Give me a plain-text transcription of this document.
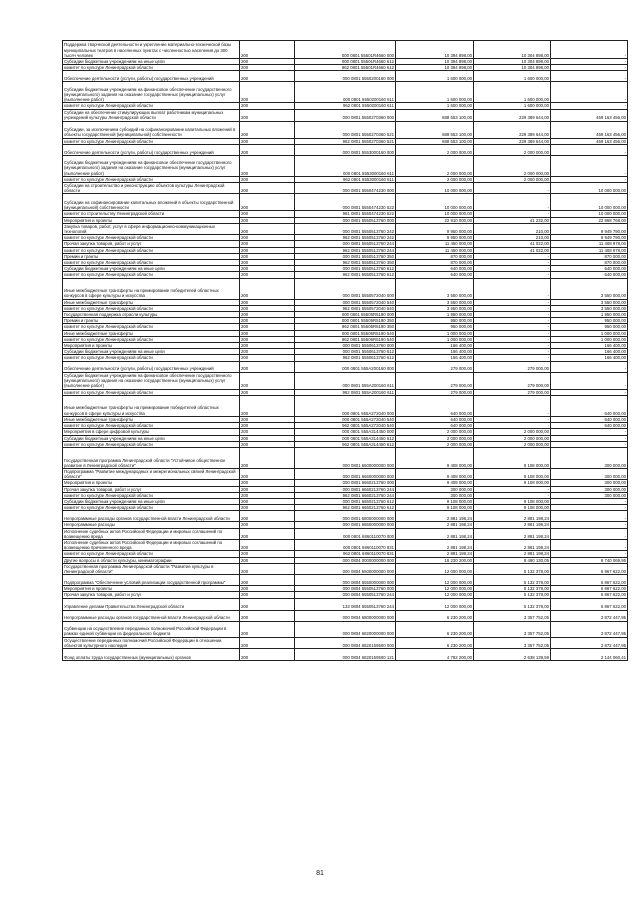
Поддержка творческой деятельности и укрепление материально-технической базы муниципальных театров в населенных пунктах с численностью населения до 300 тысяч человек	200	000 0801 55501R4660 000	10 394 898,00	10 304 898,00	-
Субсидии бюджетным учреждениям на иные цели	200	000 0801 55501R4660 612	10 394 898,00	10 304 898,00	-
комитет по культуре Ленинградской области	200	962 0801 55501R4660 612	10 394 898,00	10 304 898,00	-
Обеспечение деятельности (услуги, работы) государственных учреждений	200	000 0801 5550200160 000	1 600 000,00	1 600 000,00	-
Субсидии бюджетным учреждениям на финансовое обеспечение государственного (муниципального) задания на оказание государственных (муниципальных) услуг (выполнение работ)	200	000 0801 5550200160 611	1 600 000,00	1 600 000,00	-
комитет по культуре Ленинградской области	200	962 0801 5550200160 611	1 600 000,00	1 600 000,00	-
Субсидии на обеспечение стимулирующих выплат работникам муниципальных учреждений культуры Ленинградской области	200	000 0801 5550270360 000	688 553 100,00	229 389 644,00	459 163 456,00
Субсидии, за исключением субсидий на софинансирование капитальных вложений в объекты государственной (муниципальной) собственности	200	000 0801 5550270360 521	688 553 100,00	229 389 644,00	459 163 456,00
комитет по культуре Ленинградской области	200	962 0801 5550270360 521	688 553 100,00	229 389 644,00	459 163 456,00
Обеспечение деятельности (услуги, работы) государственных учреждений	200	000 0801 5553000160 000	2 000 000,00	2 000 000,00	-
Субсидии бюджетным учреждениям на финансовое обеспечение государственного (муниципального) задания на оказание государственных (муниципальных) услуг (выполнение работ)	200	000 0801 5553000160 611	2 000 000,00	2 000 000,00	-
комитет по культуре Ленинградской области	200	962 0801 5553000160 611	2 000 000,00	2 000 000,00	-
Субсидии на строительство и реконструкцию объектов культуры Ленинградской области	200	000 0801 5550474230 000	10 000 000,00	-	10 000 000,00
Субсидии на софинансирование капитальных вложений в объекты государственной (муниципальной) собственности	200	000 0801 5550474230 522	10 000 000,00	-	10 000 000,00
комитет по строительству Ленинградской области	200	981 0801 5550474230 522	10 000 000,00	-	10 000 000,00
Мероприятия и проекты	200	000 0801 5550513760 000	22 910 000,00	41 232,00	22 868 768,00
Закупка товаров, работ, услуг в сфере информационно-коммуникационных технологий	200	000 0801 5550513760 242	9 950 000,00	210,00	9 949 790,00
комитет по культуре Ленинградской области	200	962 0801 5550513760 242	9 950 000,00	210,00	9 949 790,00
Прочая закупка товаров, работ и услуг	200	000 0801 5550513760 244	11 450 000,00	41 022,00	11 408 978,00
комитет по культуре Ленинградской области	200	962 0801 5550513760 244	11 450 000,00	41 022,00	11 408 978,00
Премии и гранты	200	000 0801 5550513760 350	870 000,00	-	870 000,00
комитет по культуре Ленинградской области	200	962 0801 5550513760 350	870 000,00	-	870 000,00
Субсидии бюджетным учреждениям на иные цели	200	000 0801 5550513760 612	640 000,00	-	640 000,00
комитет по культуре Ленинградской области	200	962 0801 5550513760 612	640 000,00	-	640 000,00
Иные межбюджетные трансферты на премирование победителей областных конкурсов в сфере культуры и искусства	200	000 0801 5550572040 000	3 550 000,00	-	3 550 000,00
Иные межбюджетные трансферты	200	000 0801 5550572040 540	3 550 000,00	-	3 550 000,00
комитет по культуре Ленинградской области	200	962 0801 5550572040 540	3 550 000,00	-	3 550 000,00
Государственная поддержка отрасли культуры	200	000 0801 55505R5190 000	1 950 000,00	-	1 950 000,00
Премии и гранты	200	000 0801 55505R5190 350	950 000,00	-	950 000,00
комитет по культуре Ленинградской области	200	962 0801 55505R5190 350	950 000,00	-	950 000,00
Иные межбюджетные трансферты	200	000 0801 55506R5190 540	1 000 000,00	-	1 000 000,00
комитет по культуре Ленинградской области	200	962 0801 55506R5190 540	1 000 000,00	-	1 000 000,00
Мероприятия и проекты	200	000 0801 5550613760 000	166 400,00	-	166 400,00
Субсидии бюджетным учреждениям на иные цели	200	000 0801 5550613760 612	166 400,00	-	166 400,00
комитет по культуре Ленинградской области	200	962 0801 5550613760 612	166 400,00	-	166 400,00
Обеспечение деятельности (услуги, работы) государственных учреждений	200	000 0801 555A200160 000	279 000,00	279 000,00	-
Субсидии бюджетным учреждениям на финансовое обеспечение государственного (муниципального) задания на оказание государственных (муниципальных) услуг (выполнение работ)	200	000 0801 555A200160 611	279 000,00	279 000,00	-
комитет по культуре Ленинградской области	200	962 0801 555A200160 611	279 000,00	279 000,00	-
Иные межбюджетные трансферты на премирование победителей областных конкурсов в сфере культуры и искусства	200	000 0801 555A272040 000	640 000,00	-	640 000,00
Иные межбюджетные трансферты	200	000 0801 555A272040 540	640 000,00	-	640 000,00
комитет по культуре Ленинградской области	200	962 0801 555A272040 540	640 000,00	-	640 000,00
Мероприятия в сфере цифровой культуры	200	000 0801 555A314450 000	2 000 000,00	2 000 000,00	-
Субсидии бюджетным учреждениям на иные цели	200	000 0801 555A314450 612	2 000 000,00	2 000 000,00	-
комитет по культуре Ленинградской области	200	962 0801 555A314450 612	2 000 000,00	2 000 000,00	-
Государственная программа Ленинградской области "Устойчивое общественное развитие в Ленинградской области"	200	000 0801 6600000000 000	9 408 000,00	9 108 000,00	300 000,00
Подпрограмма "Развитие международных и межрегиональных связей Ленинградской области"	200	000 0801 6660000000 000	9 408 000,00	9 108 000,00	300 000,00
Мероприятия и проекты	200	000 0801 6660213760 000	9 408 000,00	9 108 000,00	300 000,00
Прочая закупка товаров, работ и услуг	200	000 0801 6660213760 244	300 000,00	-	300 000,00
комитет по культуре Ленинградской области	200	962 0801 6660213760 244	300 000,00	-	300 000,00
Субсидии бюджетным учреждениям на иные цели	200	000 0801 6660213760 612	9 108 000,00	9 108 000,00	-
комитет по культуре Ленинградской области	200	962 0801 6660213760 612	9 108 000,00	9 108 000,00	-
Непрограммные расходы органов государственной власти Ленинградской области	200	000 0801 6800000000 000	2 881 198,24	2 881 198,24	-
Непрограммные расходы	200	000 0801 6860000000 000	2 881 198,24	2 881 198,24	-
Исполнение судебных актов Российской Федерации и мировых соглашений по возмещению вреда	200	000 0801 6860110070 000	2 881 198,24	2 881 198,24	-
Исполнение судебных актов Российской Федерации и мировых соглашений по возмещению причиненного вреда	200	000 0801 6860110070 831	2 881 198,24	2 881 198,24	-
комитет по культуре Ленинградской области	200	962 0801 6860110070 831	2 881 198,24	2 881 198,24	-
Другие вопросы в области культуры, кинематографии	200	000 0804 0000000000 000	18 230 200,00	8 490 130,05	9 740 069,95
Государственная программа Ленинградской области "Развитие культуры в Ленинградской области"	200	000 0804 5500000000 000	12 000 000,00	5 132 378,00	6 867 622,00
Подпрограмма "Обеспечение условий реализации государственной программы"	200	000 0804 5550000000 000	12 000 000,00	5 132 378,00	6 867 622,00
Мероприятия и проекты	200	000 0804 5550513760 000	12 000 000,00	5 132 378,00	6 867 622,00
Прочая закупка товаров, работ и услуг	200	000 0804 5550513760 244	12 000 000,00	5 132 378,00	6 867 622,00
Управление делами Правительства Ленинградской области	200	133 0804 5550513760 244	12 000 000,00	5 132 378,00	6 867 622,00
Непрограммные расходы органов государственной власти Ленинградской области	200	000 0804 6800000000 000	6 230 200,00	3 357 752,05	2 872 447,95
Субвенции на осуществление переданных полномочий Российской Федерации в рамках единой субвенции из федерального бюджета	200	000 0804 6820000000 000	6 230 200,00	3 357 752,05	2 872 447,95
Осуществление переданных полномочий Российской Федерации в отношении объектов культурного наследия	200	000 0804 6820159500 000	6 230 200,00	3 357 752,05	2 872 447,95
Фонд оплаты труда государственных (муниципальных) органов	200	000 0804 6820159500 121	4 782 200,00	2 638 139,59	2 144 060,41
81
